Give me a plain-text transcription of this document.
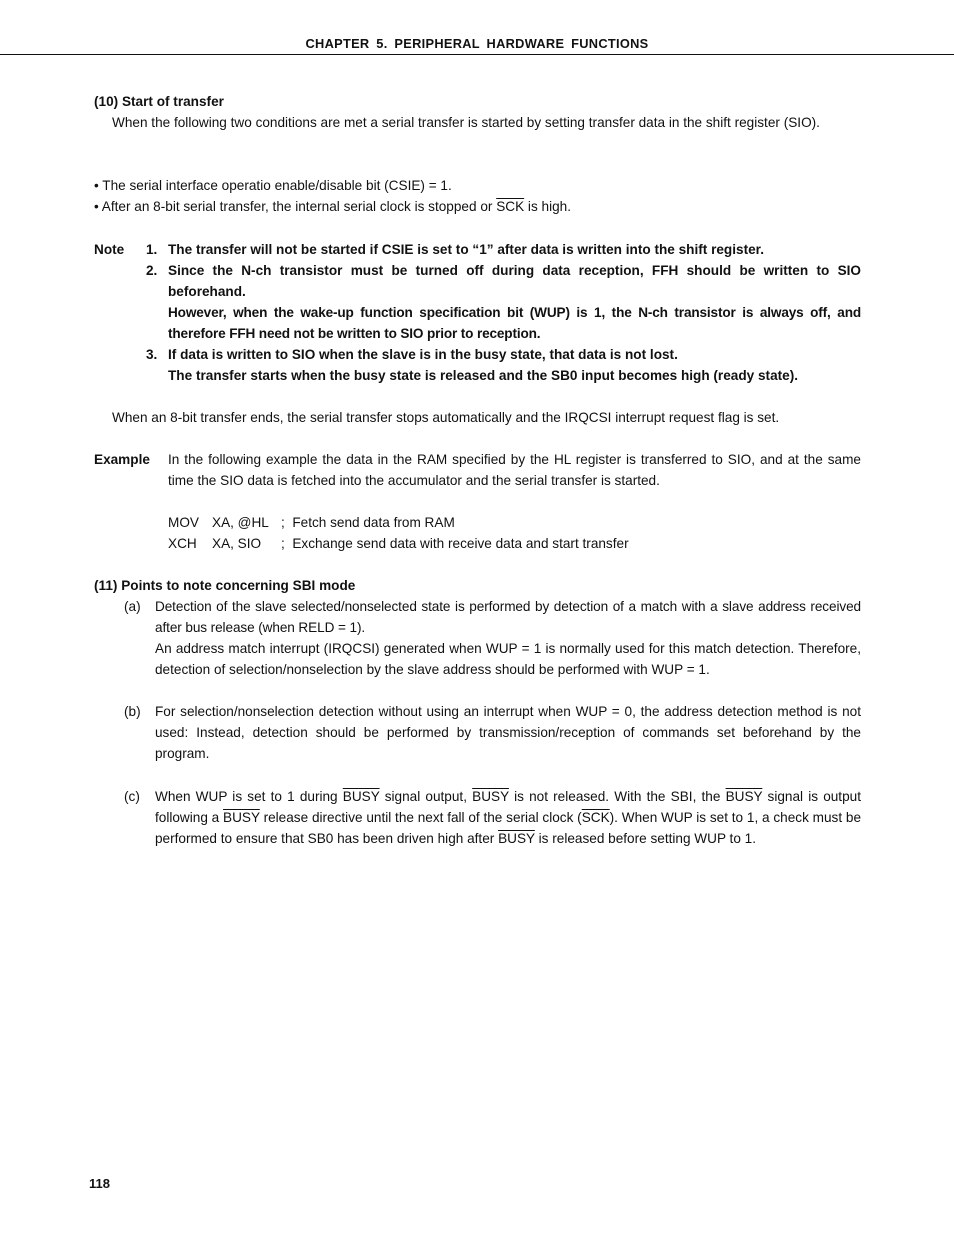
CHAPTER 5. PERIPHERAL HARDWARE FUNCTIONS
(10) Start of transfer
When the following two conditions are met a serial transfer is started by setting transfer data in the shift register (SIO).
• The serial interface operatio enable/disable bit (CSIE) = 1.
• After an 8-bit serial transfer, the internal serial clock is stopped or $\overline{SCK}$ is high.
Note 1. The transfer will not be started if CSIE is set to “1” after data is written into the shift register.
2. Since the N-ch transistor must be turned off during data reception, FFH should be written to SIO beforehand.
However, when the wake-up function specification bit (WUP) is 1, the N-ch transistor is always off, and therefore FFH need not be written to SIO prior to reception.
3. If data is written to SIO when the slave is in the busy state, that data is not lost.
The transfer starts when the busy state is released and the SB0 input becomes high (ready state).
When an 8-bit transfer ends, the serial transfer stops automatically and the IRQCSI interrupt request flag is set.
Example In the following example the data in the RAM specified by the HL register is transferred to SIO, and at the same time the SIO data is fetched into the accumulator and the serial transfer is started.
MOV XA, @HL ;  Fetch send data from RAM
XCH XA, SIO ;  Exchange send data with receive data and start transfer
(11) Points to note concerning SBI mode
(a) Detection of the slave selected/nonselected state is performed by detection of a match with a slave address received after bus release (when RELD = 1).
An address match interrupt (IRQCSI) generated when WUP = 1 is normally used for this match detection. Therefore, detection of selection/nonselection by the slave address should be performed with WUP = 1.
(b) For selection/nonselection detection without using an interrupt when WUP = 0, the address detection method is not used: Instead, detection should be performed by transmission/reception of commands set beforehand by the program.
(c) When WUP is set to 1 during BUSY signal output, BUSY is not released. With the SBI, the BUSY signal is output following a BUSY release directive until the next fall of the serial clock $(\overline{SCK})$. When WUP is set to 1, a check must be performed to ensure that SB0 has been driven high after BUSY is released before setting WUP to 1.
118
